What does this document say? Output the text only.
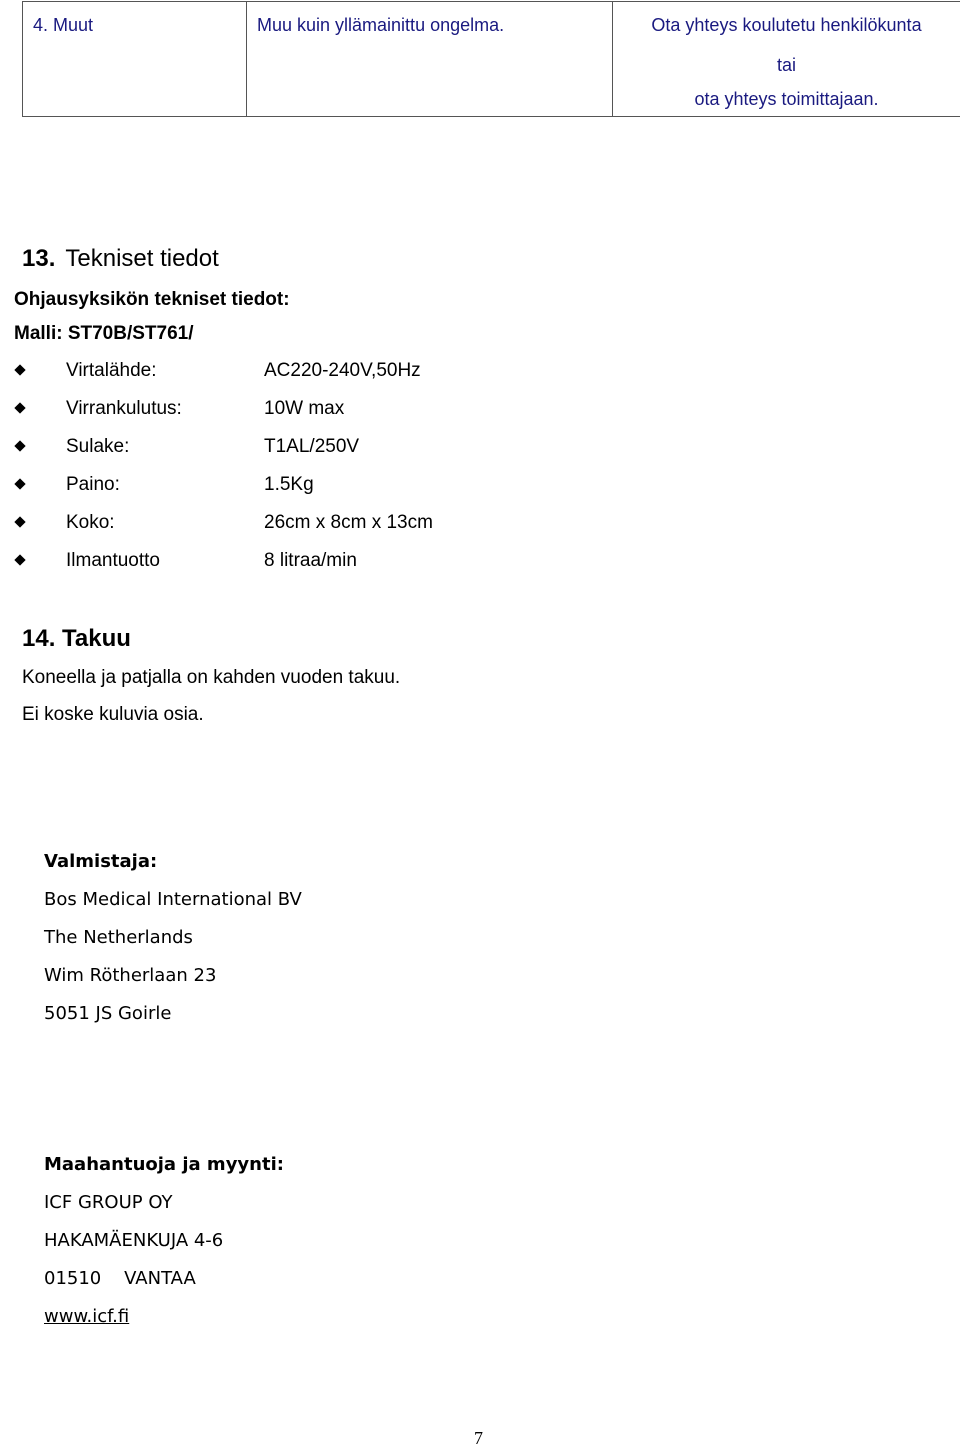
4. Muut	Muu kuin yllämainittu ongelma.	Ota yhteys koulutetu henkilökunta
tai
ota yhteys toimittajaan.
13. Tekniset tiedot
Ohjausyksikön tekniset tiedot:
Malli: ST70B/ST761/
Virtalähde:	AC220-240V,50Hz
Virrankulutus:	10W max
Sulake:	T1AL/250V
Paino:	1.5Kg
Koko:	26cm x 8cm x 13cm
Ilmantuotto	8 litraa/min
14. Takuu
Koneella ja patjalla on kahden vuoden takuu.
Ei koske kuluvia osia.
Valmistaja:
Bos Medical International BV
The Netherlands
Wim Rötherlaan 23
5051 JS Goirle
Maahantuoja ja myynti:
ICF GROUP OY
HAKAMÄENKUJA 4-6
01510    VANTAA
www.icf.fi
7
